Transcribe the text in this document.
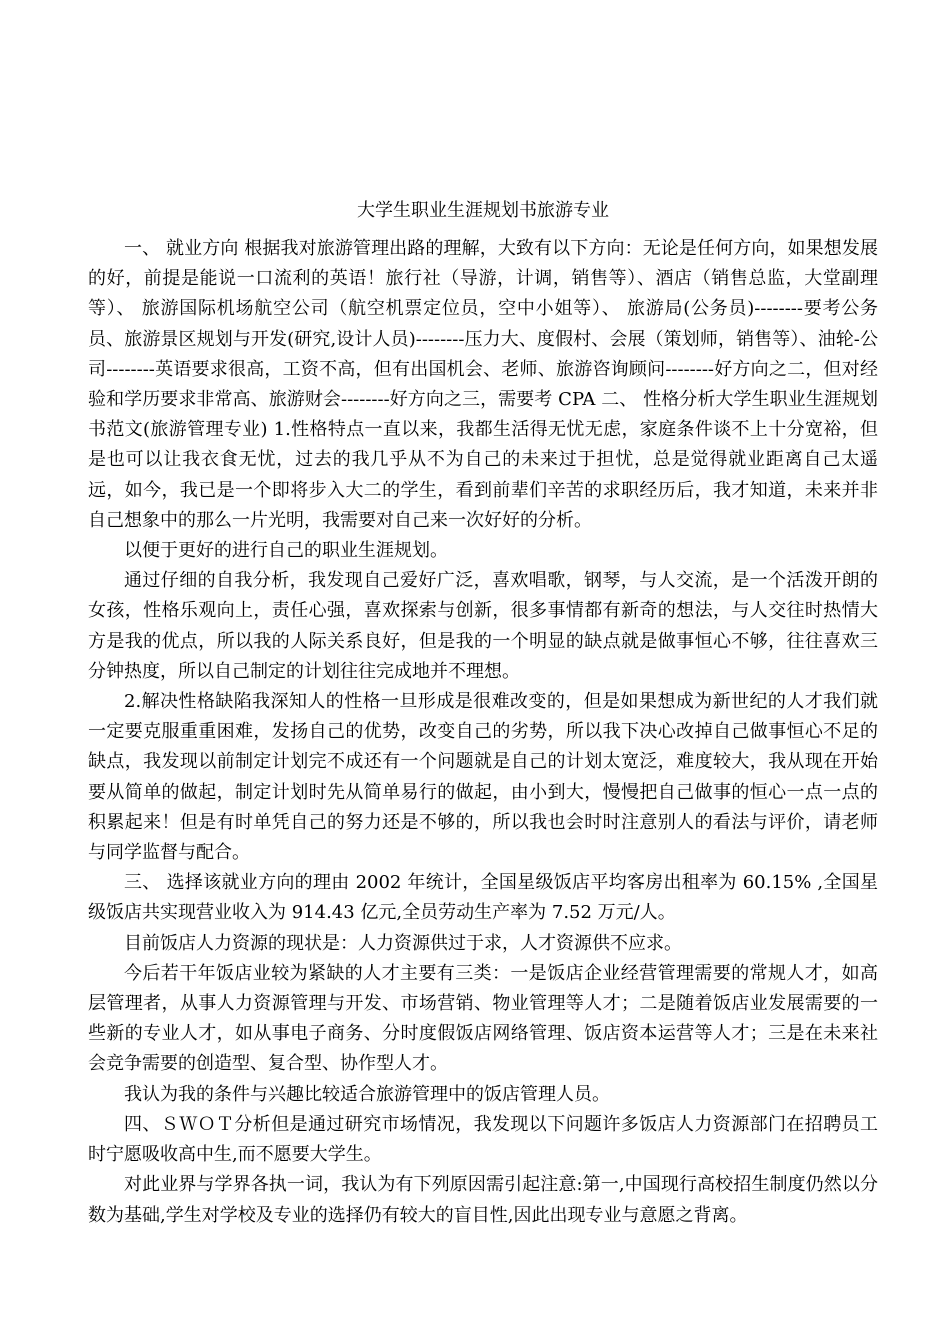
大学生职业生涯规划书旅游专业

一、 就业方向 根据我对旅游管理出路的理解，大致有以下方向：无论是任何方向，如果想发展的好，前提是能说一口流利的英语！旅行社（导游，计调，销售等）、酒店（销售总监，大堂副理等）、 旅游国际机场航空公司（航空机票定位员，空中小姐等）、 旅游局(公务员)--------要考公务员、旅游景区规划与开发(研究,设计人员)--------压力大、度假村、会展（策划师，销售等）、油轮-公司--------英语要求很高，工资不高，但有出国机会、老师、旅游咨询顾问--------好方向之二，但对经验和学历要求非常高、旅游财会--------好方向之三，需要考 CPA 二、 性格分析大学生职业生涯规划书范文(旅游管理专业) 1.性格特点一直以来，我都生活得无忧无虑，家庭条件谈不上十分宽裕，但是也可以让我衣食无忧，过去的我几乎从不为自己的未来过于担忧，总是觉得就业距离自己太遥远，如今，我已是一个即将步入大二的学生，看到前辈们辛苦的求职经历后，我才知道，未来并非自己想象中的那么一片光明，我需要对自己来一次好好的分析。

以便于更好的进行自己的职业生涯规划。

通过仔细的自我分析，我发现自己爱好广泛，喜欢唱歌，钢琴，与人交流，是一个活泼开朗的女孩，性格乐观向上，责任心强，喜欢探索与创新，很多事情都有新奇的想法，与人交往时热情大方是我的优点，所以我的人际关系良好，但是我的一个明显的缺点就是做事恒心不够，往往喜欢三分钟热度，所以自己制定的计划往往完成地并不理想。

2.解决性格缺陷我深知人的性格一旦形成是很难改变的，但是如果想成为新世纪的人才我们就一定要克服重重困难，发扬自己的优势，改变自己的劣势，所以我下决心改掉自己做事恒心不足的缺点，我发现以前制定计划完不成还有一个问题就是自己的计划太宽泛，难度较大，我从现在开始要从简单的做起，制定计划时先从简单易行的做起，由小到大，慢慢把自己做事的恒心一点一点的积累起来！但是有时单凭自己的努力还是不够的，所以我也会时时注意别人的看法与评价，请老师与同学监督与配合。

三、 选择该就业方向的理由 2002 年统计，全国星级饭店平均客房出租率为 60.15% ,全国星级饭店共实现营业收入为 914.43 亿元,全员劳动生产率为 7.52 万元/人。

目前饭店人力资源的现状是：人力资源供过于求，人才资源供不应求。

今后若干年饭店业较为紧缺的人才主要有三类：一是饭店企业经营管理需要的常规人才，如高层管理者，从事人力资源管理与开发、市场营销、物业管理等人才；二是随着饭店业发展需要的一些新的专业人才，如从事电子商务、分时度假饭店网络管理、饭店资本运营等人才；三是在未来社会竞争需要的创造型、复合型、协作型人才。

我认为我的条件与兴趣比较适合旅游管理中的饭店管理人员。

四、ＳＷＯＴ分析但是通过研究市场情况，我发现以下问题许多饭店人力资源部门在招聘员工时宁愿吸收高中生,而不愿要大学生。

对此业界与学界各执一词，我认为有下列原因需引起注意:第一,中国现行高校招生制度仍然以分数为基础,学生对学校及专业的选择仍有较大的盲目性,因此出现专业与意愿之背离。
